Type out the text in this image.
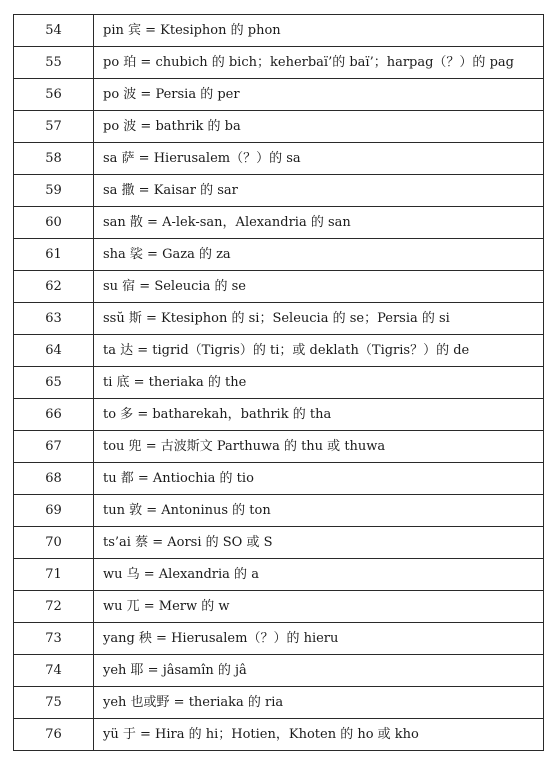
54	pin 宾 = Ktesiphon 的 phon
55	po 珀 = chubich 的 bich；keherbaï’的 baï’；harpag（？）的 pag
56	po 波 = Persia 的 per
57	po 波 = bathrik 的 ba
58	sa 萨 = Hierusalem（？）的 sa
59	sa 撒 = Kaisar 的 sar
60	san 散 = A-lek-san，Alexandria 的 san
61	sha 裟 = Gaza 的 za
62	su 宿 = Seleucia 的 se
63	ssŭ 斯 = Ktesiphon 的 si；Seleucia 的 se；Persia 的 si
64	ta 达 = tigrid（Tigris）的 ti；或 deklath（Tigris？）的 de
65	ti 底 = theriaka 的 the
66	to 多 = batharekah，bathrik 的 tha
67	tou 兜 = 古波斯文 Parthuwa 的 thu 或 thuwa
68	tu 都 = Antiochia 的 tio
69	tun 敦 = Antoninus 的 ton
70	ts’ai 蔡 = Aorsi 的 SO 或 S
71	wu 乌 = Alexandria 的 a
72	wu 兀 = Merw 的 w
73	yang 秧 = Hierusalem（？）的 hieru
74	yeh 耶 = jâsamîn 的 jâ
75	yeh 也或野 = theriaka 的 ria
76	yü 于 = Hira 的 hi；Hotien，Khoten 的 ho 或 kho
